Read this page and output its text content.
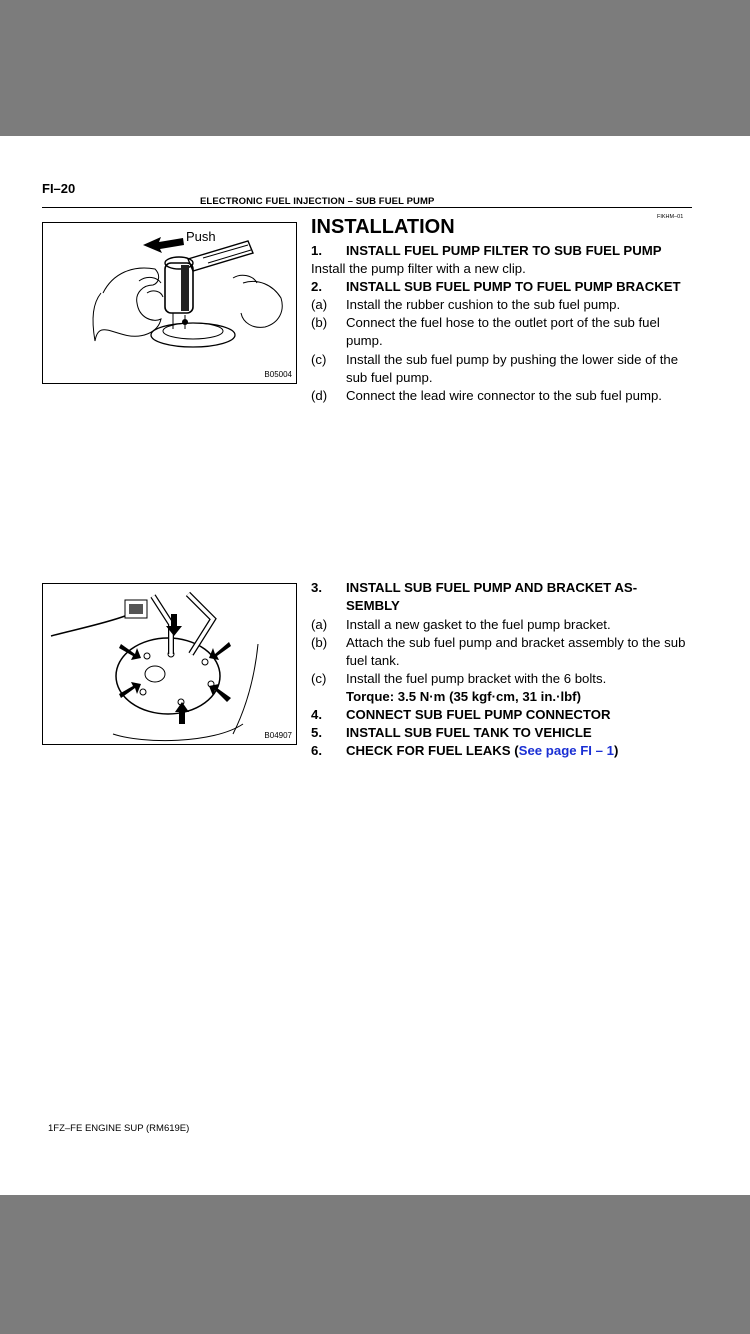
FI–20
ELECTRONIC FUEL INJECTION – SUB FUEL PUMP
FIKHM–01
Push
B05004
INSTALLATION
1. INSTALL FUEL PUMP FILTER TO SUB FUEL PUMP
Install the pump filter with a new clip.
2. INSTALL SUB FUEL PUMP TO FUEL PUMP BRACKET
(a) Install the rubber cushion to the sub fuel pump.
(b) Connect the fuel hose to the outlet port of the sub fuel
pump.
(c) Install the sub fuel pump by pushing the lower side of the
sub fuel pump.
(d) Connect the lead wire connector to the sub fuel pump.
B04907
3. INSTALL SUB FUEL PUMP AND BRACKET AS-
SEMBLY
(a) Install a new gasket to the fuel pump bracket.
(b) Attach the sub fuel pump and bracket assembly to the sub
fuel tank.
(c) Install the fuel pump bracket with the 6 bolts.
Torque: 3.5 N·m (35 kgf·cm, 31 in.·lbf)
4. CONNECT SUB FUEL PUMP CONNECTOR
5. INSTALL SUB FUEL TANK TO VEHICLE
6. CHECK FOR FUEL LEAKS (See page FI – 1)
1FZ–FE ENGINE SUP (RM619E)
